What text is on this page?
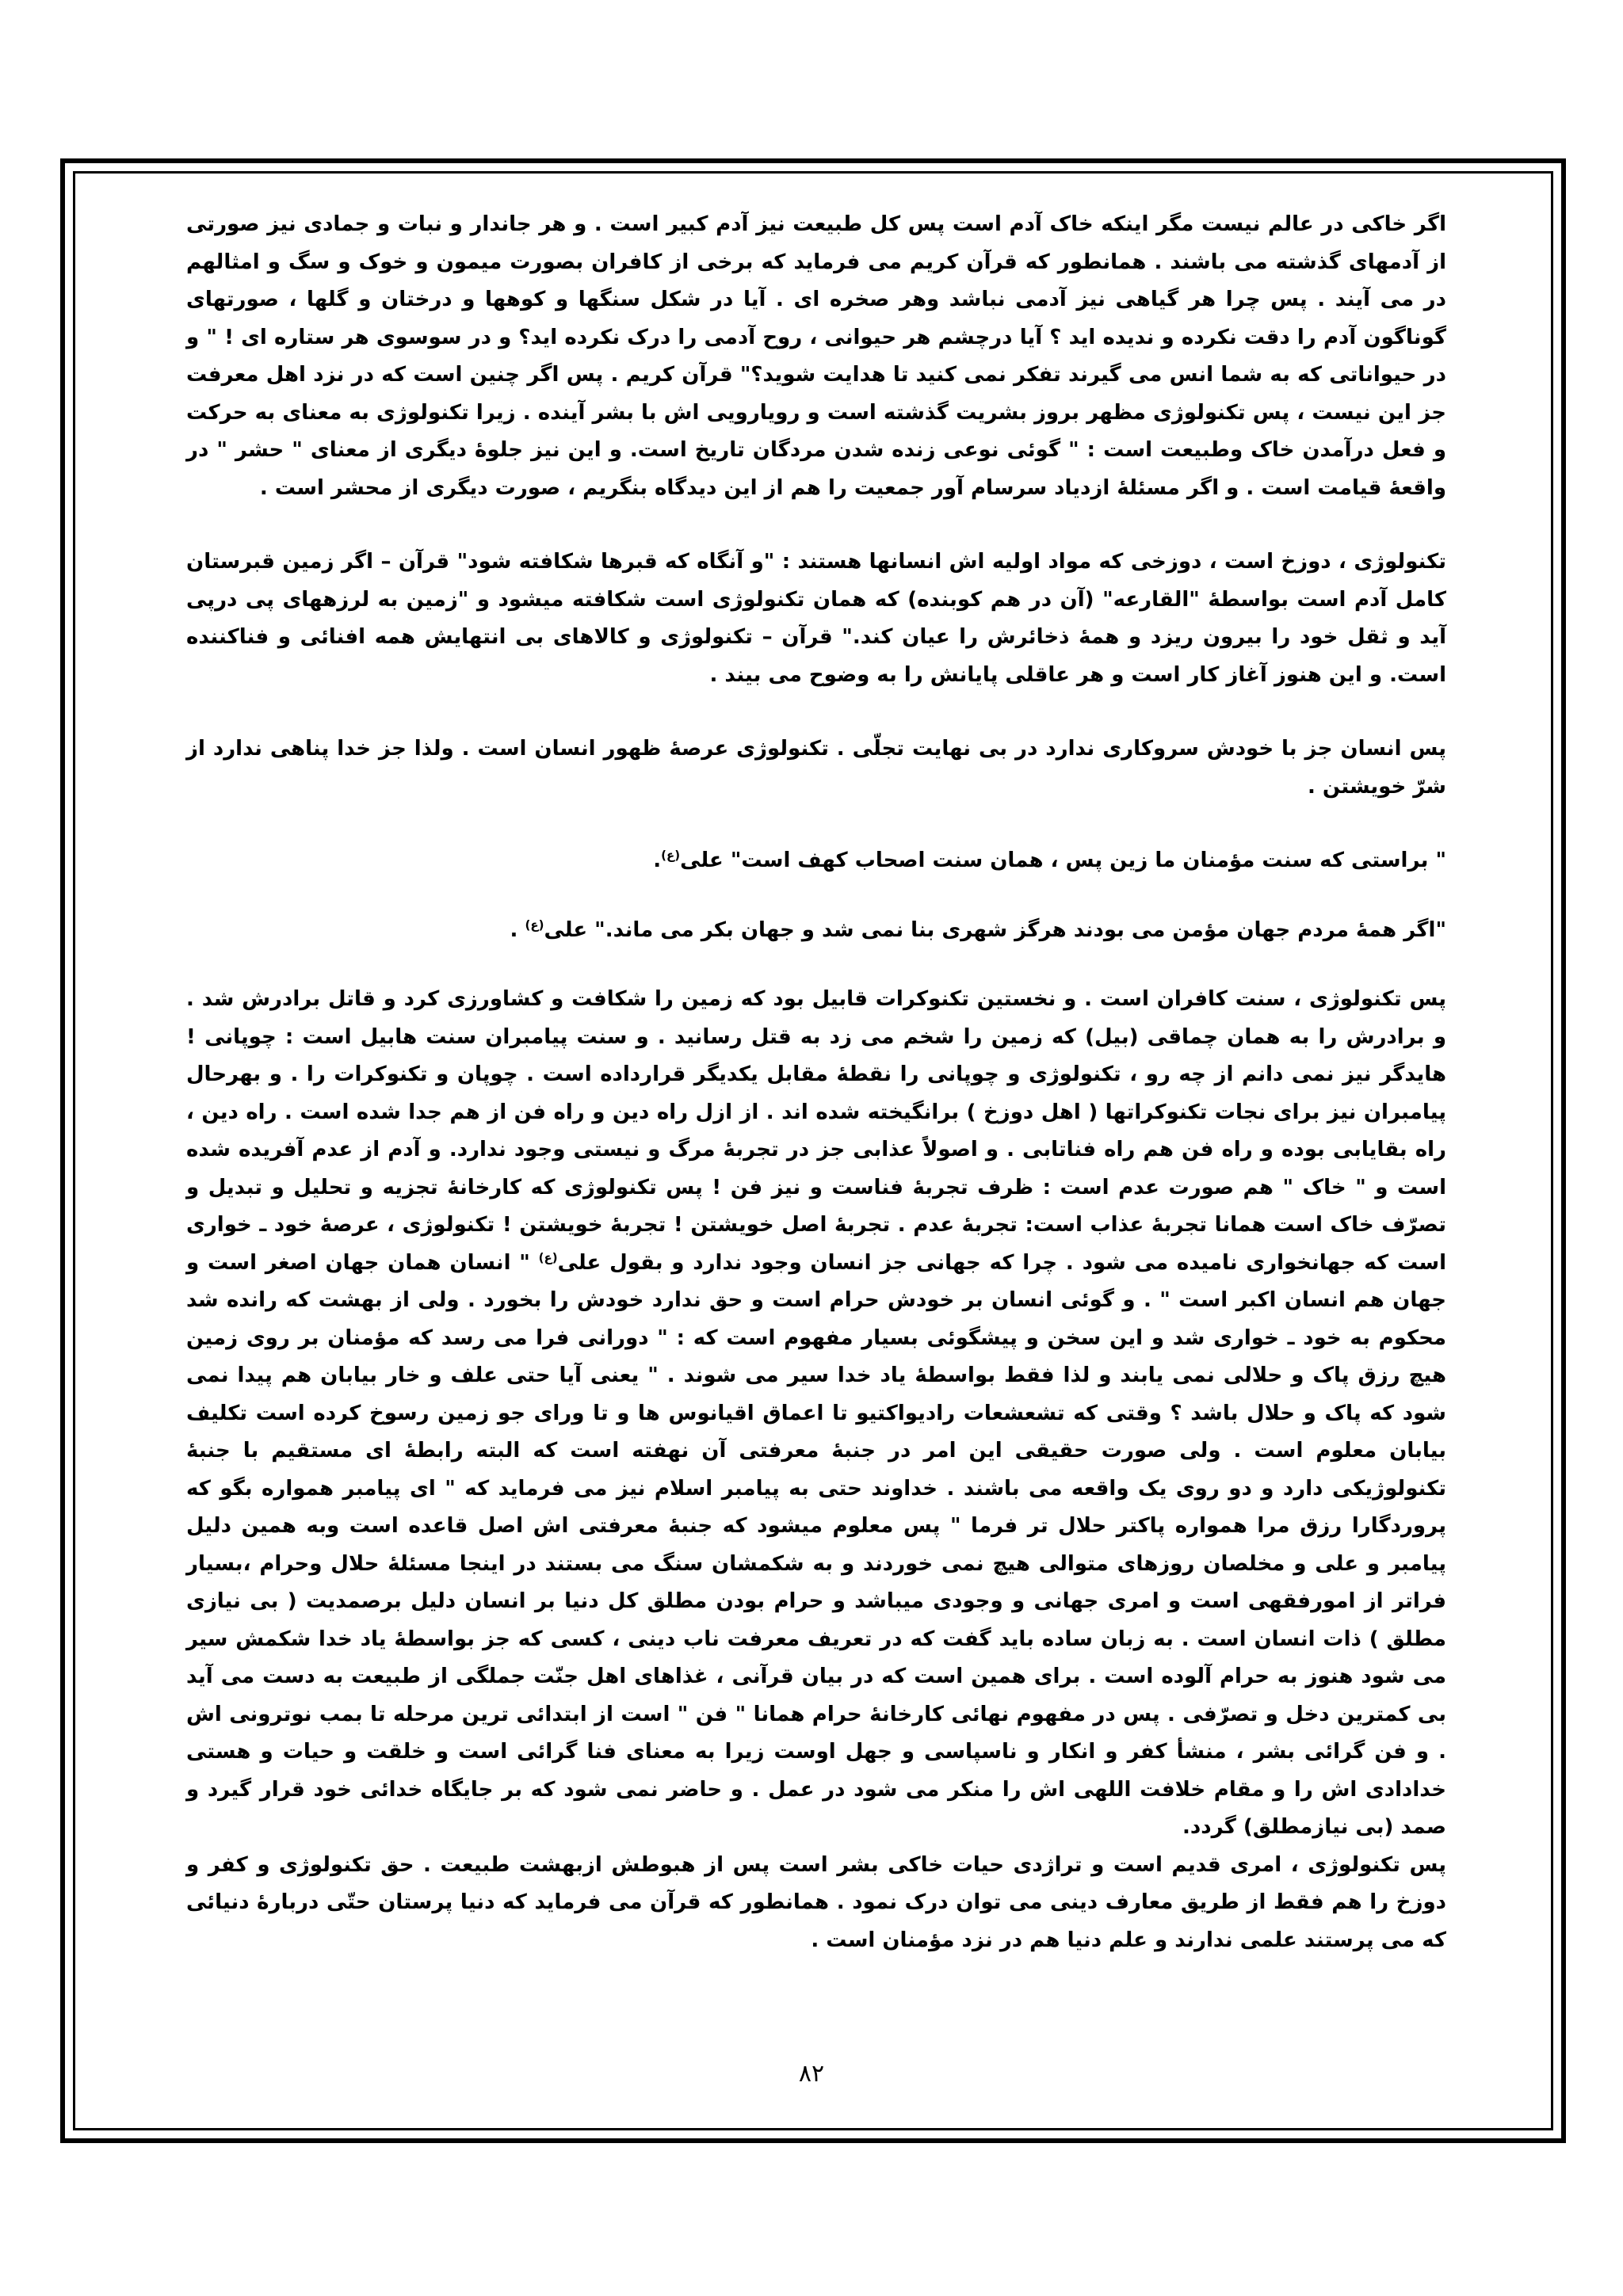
اگر خاکی در عالم نیست مگر اینکه خاک آدم است پس کل طبیعت نیز آدم کبیر است . و هر جاندار و نبات و جمادی نیز صورتی از آدمهای گذشته می باشند . همانطور که قرآن کریم می فرماید که برخی از کافران بصورت میمون و خوک و سگ و امثالهم در می آیند . پس چرا هر گیاهی نیز آدمی نباشد وهر صخره ای . آیا در شکل سنگها و کوهها و درختان و گلها ، صورتهای گوناگون آدم را دقت نکرده و ندیده اید ؟ آیا درچشم هر حیوانی ، روح آدمی را درک نکرده اید؟ و در سوسوی هر ستاره ای ! " و در حیواناتی که به شما انس می گیرند تفکر نمی کنید تا هدایت شوید؟" قرآن کریم . پس اگر چنین است که در نزد اهل معرفت جز این نیست ، پس تکنولوژی مظهر بروز بشریت گذشته است و رویارویی اش با بشر آینده . زیرا تکنولوژی به معنای به حرکت و فعل درآمدن خاک وطبیعت است : " گوئی نوعی زنده شدن مردگان تاریخ است. و این نیز جلوهٔ دیگری از معنای " حشر " در واقعهٔ قیامت است . و اگر مسئلهٔ ازدیاد سرسام آور جمعیت را هم از این دیدگاه بنگریم ، صورت دیگری از محشر است .

تکنولوژی ، دوزخ است ، دوزخی که مواد اولیه اش انسانها هستند : "و آنگاه که قبرها شکافته شود" قرآن – اگر زمین قبرستان کامل آدم است بواسطهٔ "القارعه" (آن در هم کوبنده) که همان تکنولوژی است شکافته میشود و "زمین به لرزههای پی درپی آید و ثقل خود را بیرون ریزد و همهٔ ذخائرش را عیان کند." قرآن – تکنولوژی و کالاهای بی انتهایش همه افنائی و فناکننده است. و این هنوز آغاز کار است و هر عاقلی پایانش را به وضوح می بیند .

پس انسان جز با خودش سروکاری ندارد در بی نهایت تجلّی . تکنولوژی عرصهٔ ظهور انسان است . ولذا جز خدا پناهی ندارد از شرّ خویشتن .

" براستی که سنت مؤمنان ما زین پس ، همان سنت اصحاب کهف است" علی$^{(ع)}$.

"اگر همهٔ مردم جهان مؤمن می بودند هرگز شهری بنا نمی شد و جهان بکر می ماند." علی$^{(ع)}$ .

پس تکنولوژی ، سنت کافران است . و نخستین تکنوکرات قابیل بود که زمین را شکافت و کشاورزی کرد و قاتل برادرش شد . و برادرش را به همان چماقی (بیل) که زمین را شخم می زد به قتل رسانید . و سنت پیامبران سنت هابیل است : چوپانی ! هایدگر نیز نمی دانم از چه رو ، تکنولوژی و چوپانی را نقطهٔ مقابل یکدیگر قرارداده است . چوپان و تکنوکرات را . و بهرحال پیامبران نیز برای نجات تکنوکراتها ( اهل دوزخ ) برانگیخته شده اند . از ازل راه دین و راه فن از هم جدا شده است . راه دین ، راه بقایابی بوده و راه فن هم راه فناتابی . و اصولاً عذابی جز در تجربهٔ مرگ و نیستی وجود ندارد. و آدم از عدم آفریده شده است و " خاک " هم صورت عدم است : ظرف تجربهٔ فناست و نیز فن ! پس تکنولوژی که کارخانهٔ تجزیه و تحلیل و تبدیل و تصرّف خاک است همانا تجربهٔ عذاب است: تجربهٔ عدم . تجربهٔ اصل خویشتن ! تجربهٔ خویشتن ! تکنولوژی ، عرصهٔ خود ـ خواری است که جهانخواری نامیده می شود . چرا که جهانی جز انسان وجود ندارد و بقول علی$^{(ع)}$ " انسان همان جهان اصغر است و جهان هم انسان اکبر است " . و گوئی انسان بر خودش حرام است و حق ندارد خودش را بخورد . ولی از بهشت که رانده شد محکوم به خود ـ خواری شد و این سخن و پیشگوئی بسیار مفهوم است که : " دورانی فرا می رسد که مؤمنان بر روی زمین هیچ رزق پاک و حلالی نمی یابند و لذا فقط بواسطهٔ یاد خدا سیر می شوند . " یعنی آیا حتی علف و خار بیابان هم پیدا نمی شود که پاک و حلال باشد ؟ وقتی که تشعشعات رادیواکتیو تا اعماق اقیانوس ها و تا ورای جو زمین رسوخ کرده است تکلیف بیابان معلوم است . ولی صورت حقیقی این امر در جنبهٔ معرفتی آن نهفته است که البته رابطهٔ ای مستقیم با جنبهٔ تکنولوژیکی دارد و دو روی یک واقعه می باشند . خداوند حتی به پیامبر اسلام نیز می فرماید که " ای پیامبر همواره بگو که پروردگارا رزق مرا همواره پاکتر حلال تر فرما " پس معلوم میشود که جنبهٔ معرفتی اش اصل قاعده است وبه همین دلیل پیامبر و علی و مخلصان روزهای متوالی هیچ نمی خوردند و به شکمشان سنگ می بستند در اینجا مسئلهٔ حلال وحرام ،بسیار فراتر از امورفقهی است و امری جهانی و وجودی میباشد و حرام بودن مطلق کل دنیا بر انسان دلیل برصمدیت ( بی نیازی مطلق ) ذات انسان است . به زبان ساده باید گفت که در تعریف معرفت ناب دینی ، کسی که جز بواسطهٔ یاد خدا شکمش سیر می شود هنوز به حرام آلوده است . برای همین است که در بیان قرآنی ، غذاهای اهل جنّت جملگی از طبیعت به دست می آید بی کمترین دخل و تصرّفی . پس در مفهوم نهائی کارخانهٔ حرام همانا " فن " است از ابتدائی ترین مرحله تا بمب نوترونی اش . و فن گرائی بشر ، منشأ کفر و انکار و ناسپاسی و جهل اوست زیرا به معنای فنا گرائی است و خلقت و حیات و هستی خدادادی اش را و مقام خلافت اللهی اش را منکر می شود در عمل . و حاضر نمی شود که بر جایگاه خدائی خود قرار گیرد و صمد (بی نیازمطلق) گردد.

پس تکنولوژی ، امری قدیم است و تراژدی حیات خاکی بشر است پس از هبوطش ازبهشت طبیعت . حق تکنولوژی و کفر و دوزخ را هم فقط از طریق معارف دینی می توان درک نمود . همانطور که قرآن می فرماید که دنیا پرستان حتّی دربارهٔ دنیائی که می پرستند علمی ندارند و علم دنیا هم در نزد مؤمنان است .

۸۲
